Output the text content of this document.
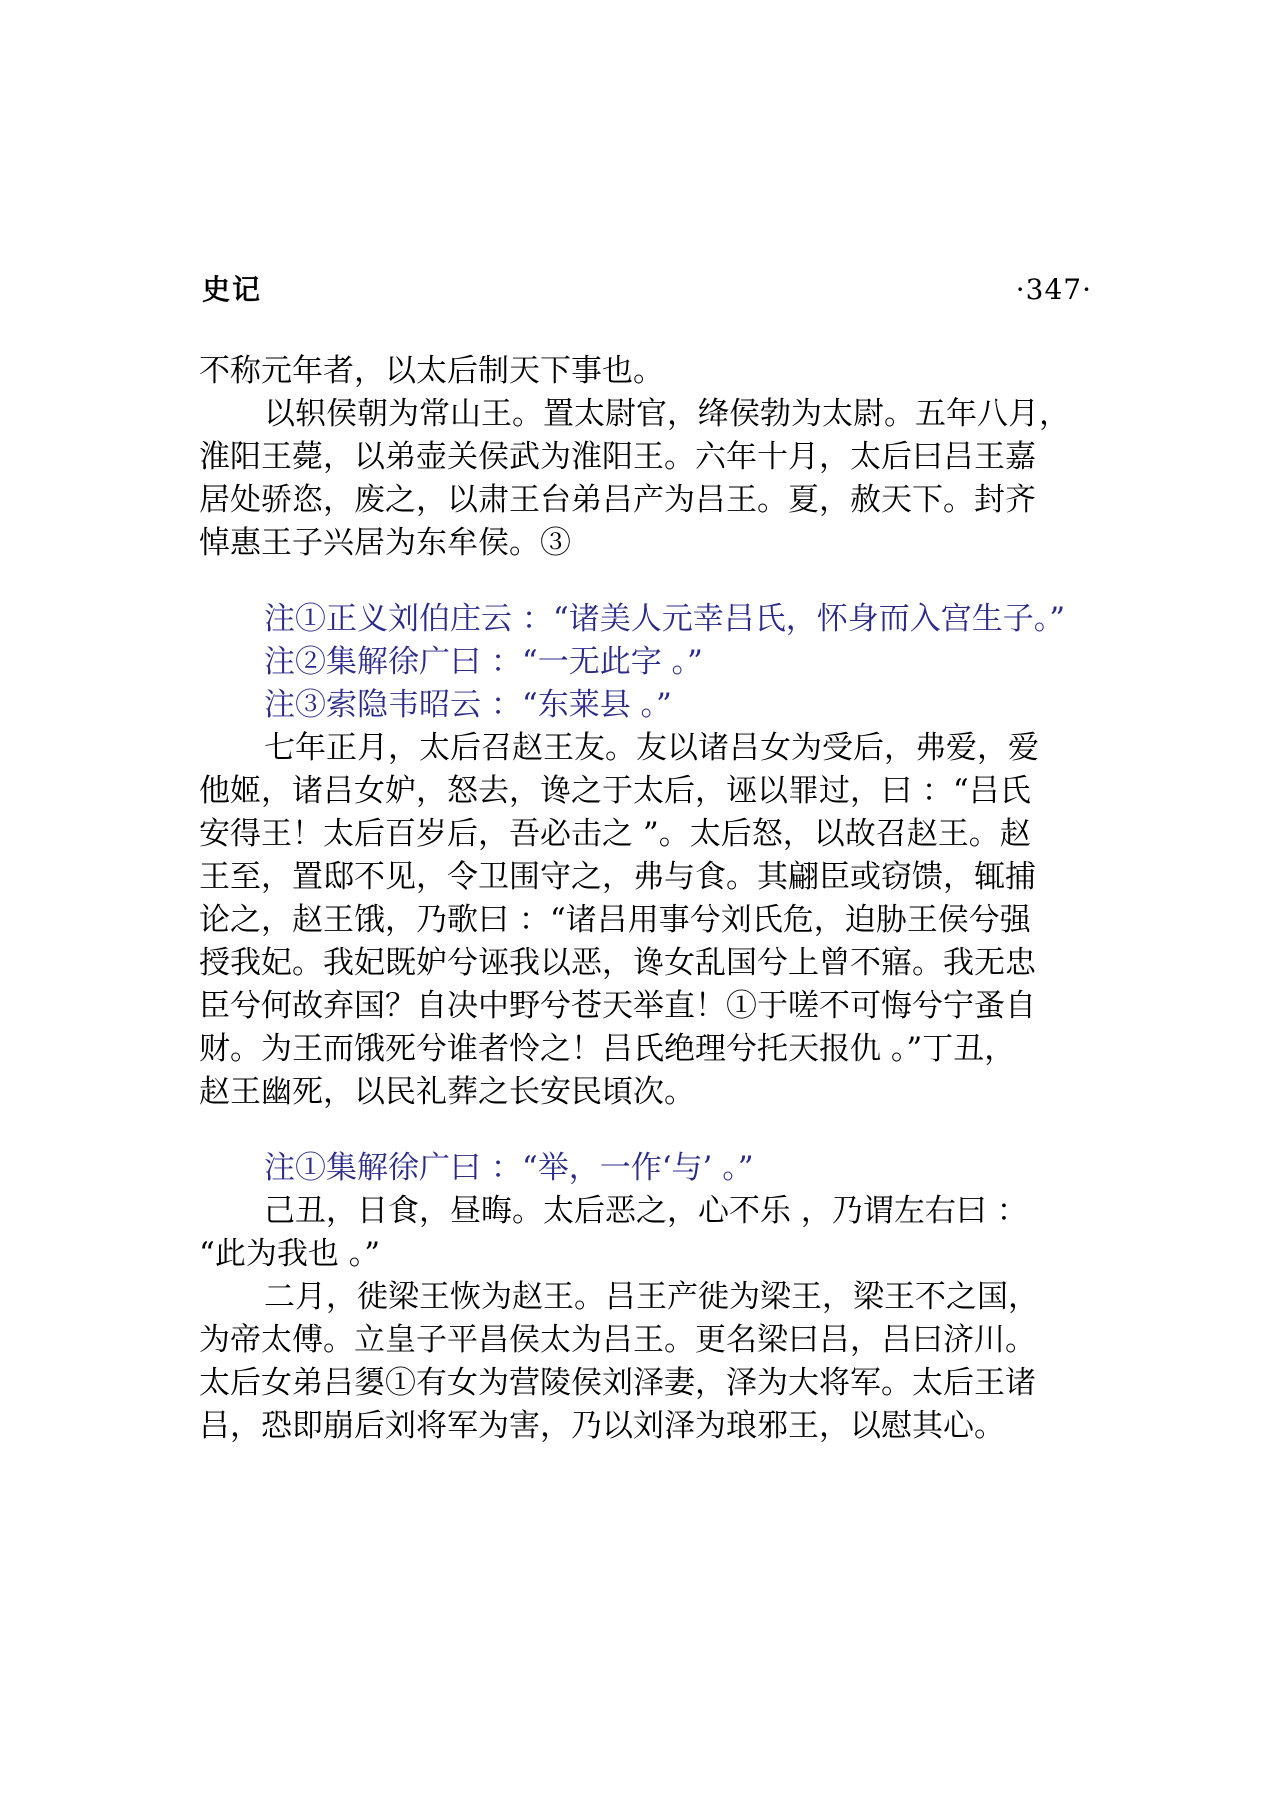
史记	·347·
不称元年者，以太后制天下事也。
以轵侯朝为常山王。置太尉官，绛侯勃为太尉。五年八月，
淮阳王薨，以弟壶关侯武为淮阳王。六年十月，太后曰吕王嘉
居处骄恣，废之，以肃王台弟吕产为吕王。夏，赦天下。封齐
悼惠王子兴居为东牟侯。③
注①正义刘伯庄云 ：“诸美人元幸吕氏，怀身而入宫生子。”
注②集解徐广曰 ：“一无此字 。”
注③索隐韦昭云 ：“东莱县 。”
七年正月，太后召赵王友。友以诸吕女为受后，弗爱，爱
他姬，诸吕女妒，怒去，谗之于太后，诬以罪过，曰 ：“吕氏
安得王！太后百岁后，吾必击之 ”。太后怒，以故召赵王。赵
王至，置邸不见，令卫围守之，弗与食。其翩臣或窃馈，辄捕
论之，赵王饿，乃歌曰 ：“诸吕用事兮刘氏危，迫胁王侯兮强
授我妃。我妃既妒兮诬我以恶，谗女乱国兮上曾不寤。我无忠
臣兮何故弃国？自决中野兮苍天举直！①于嗟不可悔兮宁蚤自
财。为王而饿死兮谁者怜之！吕氏绝理兮托天报仇 。”丁丑，
赵王幽死，以民礼葬之长安民頃次。
注①集解徐广曰 ：“举，一作‘与’ 。”
己丑，日食，昼晦。太后恶之，心不乐 ，乃谓左右曰 ：
“此为我也 。”
二月，徙梁王恢为赵王。吕王产徙为梁王，梁王不之国，
为帝太傅。立皇子平昌侯太为吕王。更名梁曰吕，吕曰济川。
太后女弟吕嬃①有女为营陵侯刘泽妻，泽为大将军。太后王诸
吕，恐即崩后刘将军为害，乃以刘泽为琅邪王，以慰其心。
